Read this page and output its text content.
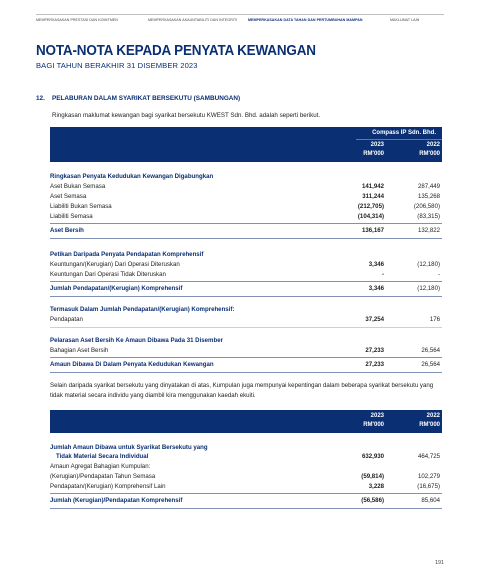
MEMPERKASAKAN PRESTASI DAN KOMITMEN	MEMPERKASAKAN AKAUNTABILITI DAN INTEGRITI	MEMPERKASAKAN DATA TAHAN DAN PERTUMBUHAN MAMPAN	MAKLUMAT LAIN
NOTA-NOTA KEPADA PENYATA KEWANGAN
BAGI TAHUN BERAKHIR 31 DISEMBER 2023
12. PELABURAN DALAM SYARIKAT BERSEKUTU (SAMBUNGAN)
Ringkasan maklumat kewangan bagi syarikat bersekutu KWEST Sdn. Bhd. adalah seperti berikut.
Compass IP Sdn. Bhd.
2023	2022
RM'000	RM'000
Ringkasan Penyata Kedudukan Kewangan Digabungkan
Aset Bukan Semasa	141,942	287,449
Aset Semasa	311,244	135,268
Liabiliti Bukan Semasa	(212,705)	(206,580)
Liabiliti Semasa	(104,314)	(83,315)
Aset Bersih	136,167	132,822
Petikan Daripada Penyata Pendapatan Komprehensif
Keuntungan/(Kerugian) Dari Operasi Diteruskan	3,346	(12,180)
Keuntungan Dari Operasi Tidak Diteruskan	-	-
Jumlah Pendapatan/(Kerugian) Komprehensif	3,346	(12,180)
Termasuk Dalam Jumlah Pendapatan/(Kerugian) Komprehensif:
Pendapatan	37,254	176
Pelarasan Aset Bersih Ke Amaun Dibawa Pada 31 Disember
Bahagian Aset Bersih	27,233	26,564
Amaun Dibawa Di Dalam Penyata Kedudukan Kewangan	27,233	26,564
Selain daripada syarikat bersekutu yang dinyatakan di atas, Kumpulan juga mempunyai kepentingan dalam beberapa syarikat bersekutu yang tidak material secara individu yang diambil kira menggunakan kaedah ekuiti.
2023	2022
RM'000	RM'000
Jumlah Amaun Dibawa untuk Syarikat Bersekutu yang
Tidak Material Secara Individual	632,930	464,725
Amaun Agregat Bahagian Kumpulan:
(Kerugian)/Pendapatan Tahun Semasa	(59,814)	102,279
Pendapatan/(Kerugian) Komprehensif Lain	3,228	(16,675)
Jumlah (Kerugian)/Pendapatan Komprehensif	(56,586)	85,604
191
